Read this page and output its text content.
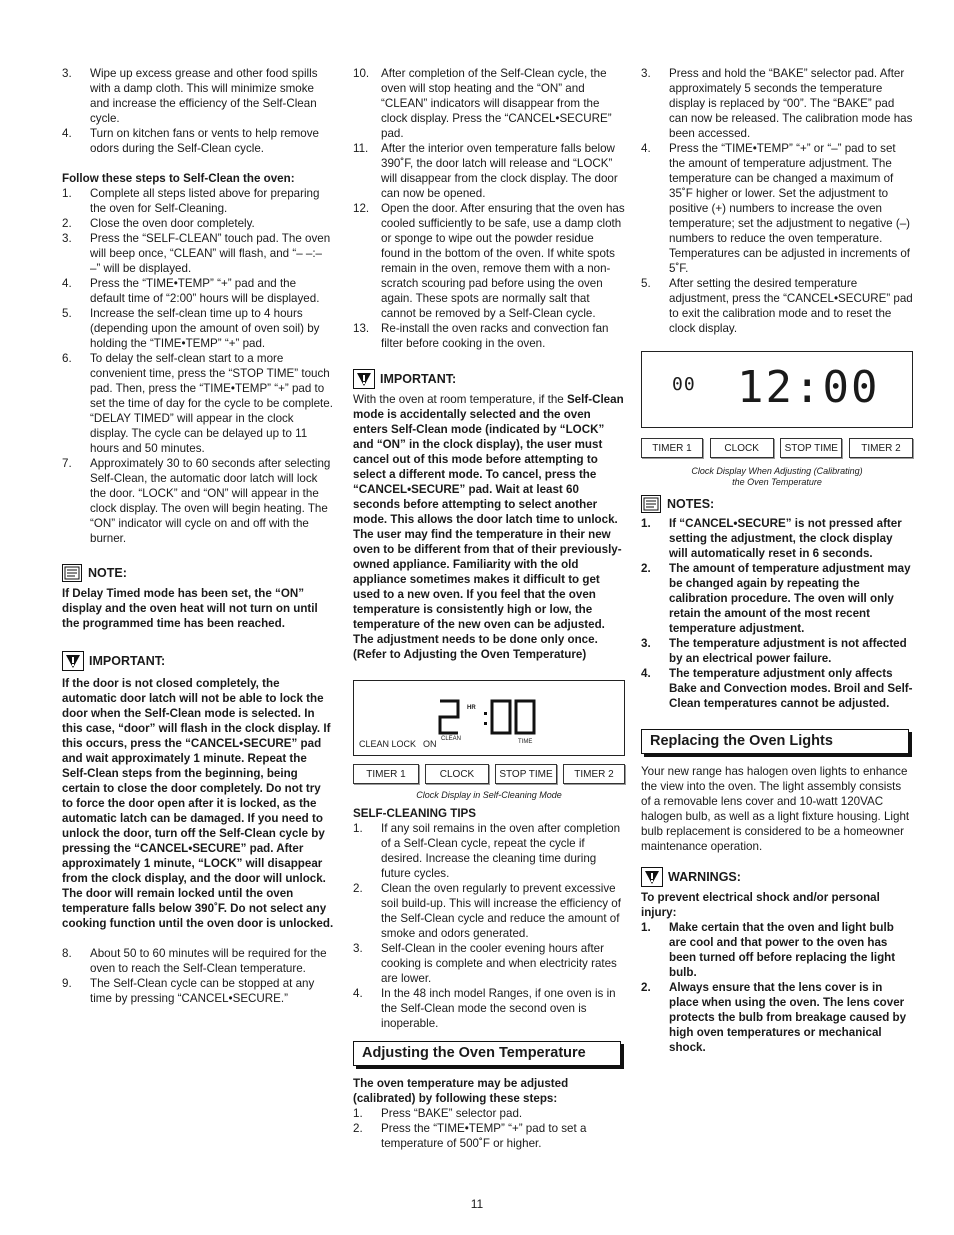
3. Wipe up excess grease and other food spills with a damp cloth. This will minimize smoke and increase the efficiency of the Self-Clean cycle.
4. Turn on kitchen fans or vents to help remove odors during the Self-Clean cycle.

Follow these steps to Self-Clean the oven:

1. Complete all steps listed above for preparing the oven for Self-Cleaning.
2. Close the oven door completely.
3. Press the “SELF-CLEAN” touch pad. The oven will beep once, “CLEAN” will flash, and “– –:– –” will be displayed.
4. Press the “TIME•TEMP” “+” pad and the default time of “2:00” hours will be displayed.
5. Increase the self-clean time up to 4 hours (depending upon the amount of oven soil) by holding the “TIME•TEMP” “+” pad.
6. To delay the self-clean start to a more convenient time, press the “STOP TIME” touch pad. Then, press the “TIME•TEMP” “+” pad to set the time of day for the cycle to be complete. “DELAY TIMED” will appear in the clock display. The cycle can be delayed up to 11 hours and 50 minutes.
7. Approximately 30 to 60 seconds after selecting Self-Clean, the automatic door latch will lock the door. “LOCK” and “ON” will appear in the clock display. The oven will begin heating. The “ON” indicator will cycle on and off with the burner.
NOTE:

If Delay Timed mode has been set, the “ON” display and the oven heat will not turn on until the programmed time has been reached.

IMPORTANT:

If the door is not closed completely, the automatic door latch will not be able to lock the door when the Self-Clean mode is selected. In this case, “door” will flash in the clock display. If this occurs, press the “CANCEL•SECURE” pad and wait approximately 1 minute. Repeat the Self-Clean steps from the beginning, being certain to close the door completely. Do not try to force the door open after it is locked, as the automatic latch can be damaged. If you need to unlock the door, turn off the Self-Clean cycle by pressing the “CANCEL•SECURE” pad. After approximately 1 minute, “LOCK” will disappear from the clock display, and the door will unlock. The door will remain locked until the oven temperature falls below 390˚F. Do not select any cooking function until the oven door is unlocked.

8. About 50 to 60 minutes will be required for the oven to reach the Self-Clean temperature.
9. The Self-Clean cycle can be stopped at any time by pressing “CANCEL•SECURE.”
10. After completion of the Self-Clean cycle, the oven will stop heating and the “ON” and “CLEAN” indicators will disappear from the clock display. Press the “CANCEL•SECURE” pad.
11. After the interior oven temperature falls below 390˚F, the door latch will release and “LOCK” will disappear from the clock display. The door can now be opened.
12. Open the door. After ensuring that the oven has cooled sufficiently to be safe, use a damp cloth or sponge to wipe out the powder residue found in the bottom of the oven. If white spots remain in the oven, remove them with a non-scratch scouring pad before using the oven again. These spots are normally salt that cannot be removed by a Self-Clean cycle.
13. Re-install the oven racks and convection fan filter before cooking in the oven.
IMPORTANT:

With the oven at room temperature, if the Self-Clean mode is accidentally selected and the oven enters Self-Clean mode (indicated by “LOCK” and “ON” in the clock display), the user must cancel out of this mode before attempting to select a different mode. To cancel, press the “CANCEL•SECURE” pad. Wait at least 60 seconds before attempting to select another mode. This allows the door latch time to unlock. The user may find the temperature in their new oven to be different from that of their previously-owned appliance. Familiarity with the old appliance sometimes makes it difficult to get used to a new oven. If you feel that the oven temperature is consistently high or low, the temperature of the new oven can be adjusted. The adjustment needs to be done only once. (Refer to Adjusting the Oven Temperature)

HR
CLEAN LOCK ON CLEAN	TIME
TIMER 1	CLOCK	STOP TIME	TIMER 2
Clock Display in Self-Cleaning Mode

SELF-CLEANING TIPS

1. If any soil remains in the oven after completion of a Self-Clean cycle, repeat the cycle if desired. Increase the cleaning time during future cycles.
2. Clean the oven regularly to prevent excessive soil build-up. This will increase the efficiency of the Self-Clean cycle and reduce the amount of smoke and odors generated.
3. Self-Clean in the cooler evening hours after cooking is complete and when electricity rates are lower.
4. In the 48 inch model Ranges, if one oven is in the Self-Clean mode the second oven is inoperable.
Adjusting the Oven Temperature

The oven temperature may be adjusted (calibrated) by following these steps:

1. Press “BAKE” selector pad.
2. Press the “TIME•TEMP” “+” pad to set a temperature of 500˚F or higher.
3. Press and hold the “BAKE” selector pad. After approximately 5 seconds the temperature display is replaced by “00”. The “BAKE” pad can now be released. The calibration mode has been accessed.
4. Press the “TIME•TEMP” “+” or “–” pad to set the amount of temperature adjustment. The temperature can be changed a maximum of 35˚F higher or lower. Set the adjustment to positive (+) numbers to increase the oven temperature; set the adjustment to negative (–) numbers to reduce the oven temperature. Temperatures can be adjusted in increments of 5˚F.
5. After setting the desired temperature adjustment, press the “CANCEL•SECURE” pad to exit the calibration mode and to reset the clock display.
00 12:00
TIMER 1	CLOCK	STOP TIME	TIMER 2
Clock Display When Adjusting (Calibrating)
the Oven Temperature
NOTES:
1. If “CANCEL•SECURE” is not pressed after setting the adjustment, the clock display will automatically reset in 6 seconds.
2. The amount of temperature adjustment may be changed again by repeating the calibration procedure. The oven will only retain the amount of the most recent temperature adjustment.
3. The temperature adjustment is not affected by an electrical power failure.
4. The temperature adjustment only affects Bake and Convection modes. Broil and Self-Clean temperatures cannot be adjusted.
Replacing the Oven Lights

Your new range has halogen oven lights to enhance the view into the oven. The light assembly consists of a removable lens cover and 10-watt 120VAC halogen bulb, as well as a light fixture housing. Light bulb replacement is considered to be a homeowner maintenance operation.

WARNINGS:

To prevent electrical shock and/or personal injury:

1. Make certain that the oven and light bulb are cool and that power to the oven has been turned off before replacing the light bulb.
2. Always ensure that the lens cover is in place when using the oven. The lens cover protects the bulb from breakage caused by high oven temperatures or mechanical shock.
11
